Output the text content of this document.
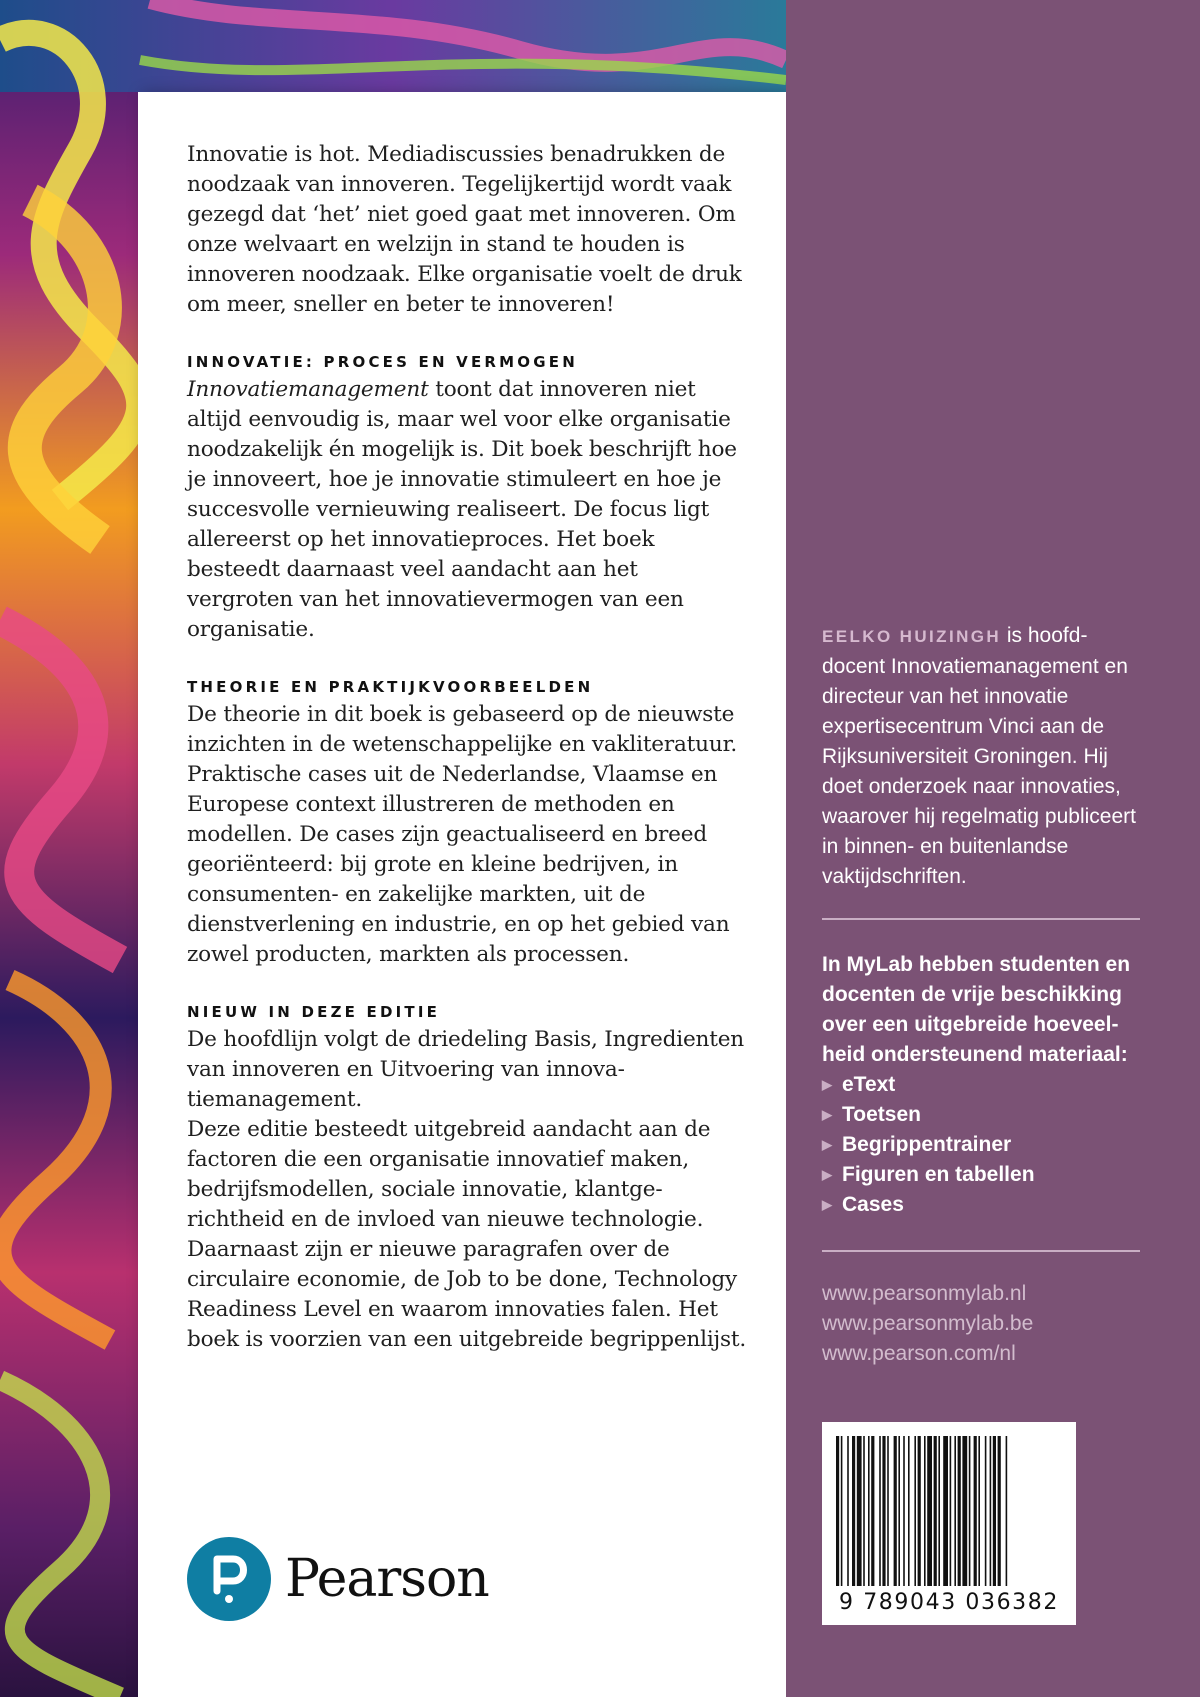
Innovatie is hot. Mediadiscussies benadrukken de noodzaak van innoveren. Tegelijkertijd wordt vaak gezegd dat ‘het’ niet goed gaat met innoveren. Om onze welvaart en welzijn in stand te houden is innoveren noodzaak. Elke organisatie voelt de druk om meer, sneller en beter te innoveren!

INNOVATIE: PROCES EN VERMOGEN

Innovatiemanagement toont dat innoveren niet altijd eenvoudig is, maar wel voor elke organisatie noodzakelijk én mogelijk is. Dit boek beschrijft hoe je innoveert, hoe je innovatie stimuleert en hoe je succesvolle vernieuwing realiseert. De focus ligt allereerst op het innovatieproces. Het boek besteedt daarnaast veel aandacht aan het vergroten van het innovatievermogen van een organisatie.

THEORIE EN PRAKTIJKVOORBEELDEN

De theorie in dit boek is gebaseerd op de nieuwste inzichten in de wetenschappelijke en vakliteratuur. Praktische cases uit de Nederlandse, Vlaamse en Europese context illustreren de methoden en modellen. De cases zijn geactualiseerd en breed georiënteerd: bij grote en kleine bedrijven, in consumenten- en zakelijke markten, uit de dienstverlening en industrie, en op het gebied van zowel producten, markten als processen.

NIEUW IN DEZE EDITIE

De hoofdlijn volgt de driedeling Basis, Ingredienten van innoveren en Uitvoering van innovatiemanagement.

Deze editie besteedt uitgebreid aandacht aan de factoren die een organisatie innovatief maken, bedrijfsmodellen, sociale innovatie, klantgerichtheid en de invloed van nieuwe technologie. Daarnaast zijn er nieuwe paragrafen over de circulaire economie, de Job to be done, Technology Readiness Level en waarom innovaties falen. Het boek is voorzien van een uitgebreide begrippenlijst.

Pearson
EELKO HUIZINGH is hoofddocent Innovatiemanagement en directeur van het innovatie expertisecentrum Vinci aan de Rijksuniversiteit Groningen. Hij doet onderzoek naar innovaties, waarover hij regelmatig publiceert in binnen- en buitenlandse vaktijdschriften.
In MyLab hebben studenten en docenten de vrije beschikking over een uitgebreide hoeveelheid ondersteunend materiaal:
▶ eText
▶ Toetsen
▶ Begrippentrainer
▶ Figuren en tabellen
▶ Cases
www.pearsonmylab.nl
www.pearsonmylab.be
www.pearson.com/nl
9 789043 036382
